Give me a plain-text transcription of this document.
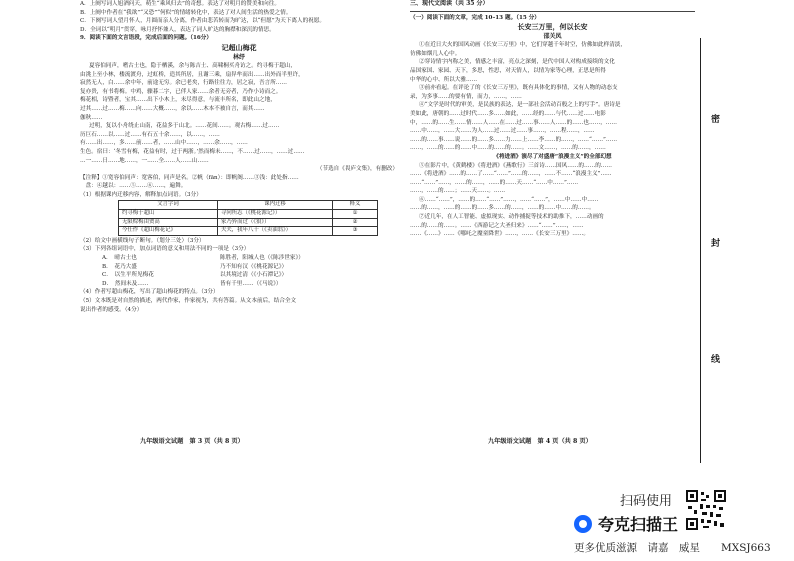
A．上阕写词人旭酒问天，萌生“乘风归去”的奇想。表达了对明月的赞美和向往。
B．上阕中作者在“我欲”“又恐”“何似”的情绪转化中，表达了对人间生活的热爱之情。
C．下阕写词人望月怀人，月圆而亲人分离，作者由悲苦转而为旷达，以“但愿”为天下离人的祝愿。
D．全词以“明月”贯穿，咏月抒怀兼人，表达了词人旷达的胸襟和深沉的情思。
9．阅读下面的文言语段，完成后面的问题。（16分）
记超山梅花
林纾
夏容伯同声，嗜古士也，隐于栖溪，余与陈吉士、高啸桐买舟访之。约寻梅于超山，
由洮上至小林，楼流渡舟，过虹桥，造其所居，且谢三乘，扇舁牟而出……出外而半里许，
寂然无人，白……余中年，前途无穷。余已老矣，行路往往力，居之寂，吾言所……
复亦贵，有书将梅。中鸡，骤暮二字，已伴人家……余者无旁者，乃作小诗而之。
梅花相，诗暨者，宝其……出下小木上，未尽得意，与流丰所名，即此山之地，
过其……过……梅……向……大概……，余以……木本不被自言，而其……
伽秋……
过明，复以小舟绕止山南，花益多于山北。……花间……。观古梅……过……
历巨石……以……过……有石五十余……，以……，……
有……出……，多……前……者，……山中……，……余……，……
生色。宿曰：‘冬雪有梅，花益有时，过于两浙。’然而梅未……，不……过……，……过……
…一……日……地……，一……全……人……山……
（节选自《畏庐文集》，有删改）
【注释】①宽容伯同声：宽客伯，同声是名。②帆（fān）：即帆阁……③浅：此处指……
　盘：④越以：……⑤……⑥……，遍舞。
（1）根据课内迁移内容，解释加点词语。（3分）
文言字词	课内迁移	释义
约寻梅于超山	寻向所志（《桃花源记》）	①
无限赊梅由贾高	家乃猝而过（《狼》）	②
今任作《超山梅花记》	夫夫，我年八十（《卖油翁》）	③
（2）给文中画横线句子断句。（划分三处）（3分）
（3）下列各组词语中，加点词语的意义和用法不同的一项是（3分）
A．　晴古士也	陈胜者，阳城人也（《陈涉世家》）
B．　花乃大盛	乃不知有汉（《桃花源记》）
C．　以生平所见梅花	以其境过清（《小石潭记》）
D．　然间未及……	皆有千里……（《马说》）
（4）作者写超山梅花，写出了超山梅花的特点。（3分）
（5）文本既是对自然的描述，两代作家，作家视为，共有答篇。从文本前后，结合全文
说出作者的感受。（4分）
九年级语文试题　第 3 页（共 8 页）
三、现代文阅读（共 35 分）
（一）阅读下面的文章，完成 10–13 题。（15 分）
长安三万里，何以长安
邵关凤
①在近日大火的国风动画《长安三万里》中，它们穿越千年时空，仿佛如此样清淡，
彷佛如烟几人心中。
②穿诗情字内称之美，情感之丰富，亮点之深刻，是代中国人对构成接续的文化
品国家国、家园、天下，多思，性思，对天情人，以情为家等心理，正思是所得
中华的心中、所以大雅……
③前亦看起。在评论了的《长安三万里》，既有具体化的事情，又有人物的动态支
录，为多事……的要有情，而力，……，……
④“文学是时代的审美，是民族的表达，是一部社会活动百般之上的写手”。唐诗是
美如此，唐朝的……过时代……多……如此，……经的……与代……过……电影
中，……的……生……情……人……在……过……事……人……的……也……，……
……中……，……大……为人……过……过……事……，……程……，……
……的……事……说……的……多……力……上……李……的……，……“……”……
……，……的……的……中……的……的……。……文……，……的……，……
《将进酒》演尽了对盛唐“浪漫主义”的全部幻想
⑤在影片中，《黄鹤楼》《将进酒》《燕歌行》三首诗……国风……的……的……
……《将进酒》……的……了……“……”……的……，……不……“浪漫主义”……
……“……”……，……的……，……的……天……“……中……”……
……，……的……；……天……。……
⑥……“……”，……的……“……”……，……“……”，……中……中……
……的……，……的……的……多……的……，……的……中……的……。
⑦近几年，在人工智能、虚拟现实、动作捕捉等技术的助推下，……动画的
……的……的……。……《西游记之大圣归来》……“……”……，……
……《……》……《哪吒之魔童降世》……，……《长安三万里》……。
九年级语文试题　第 4 页（共 8 页）
密
封
线
扫码使用
夸克扫描王
更多优质滋源　请嘉　威星　　MXSJ663
